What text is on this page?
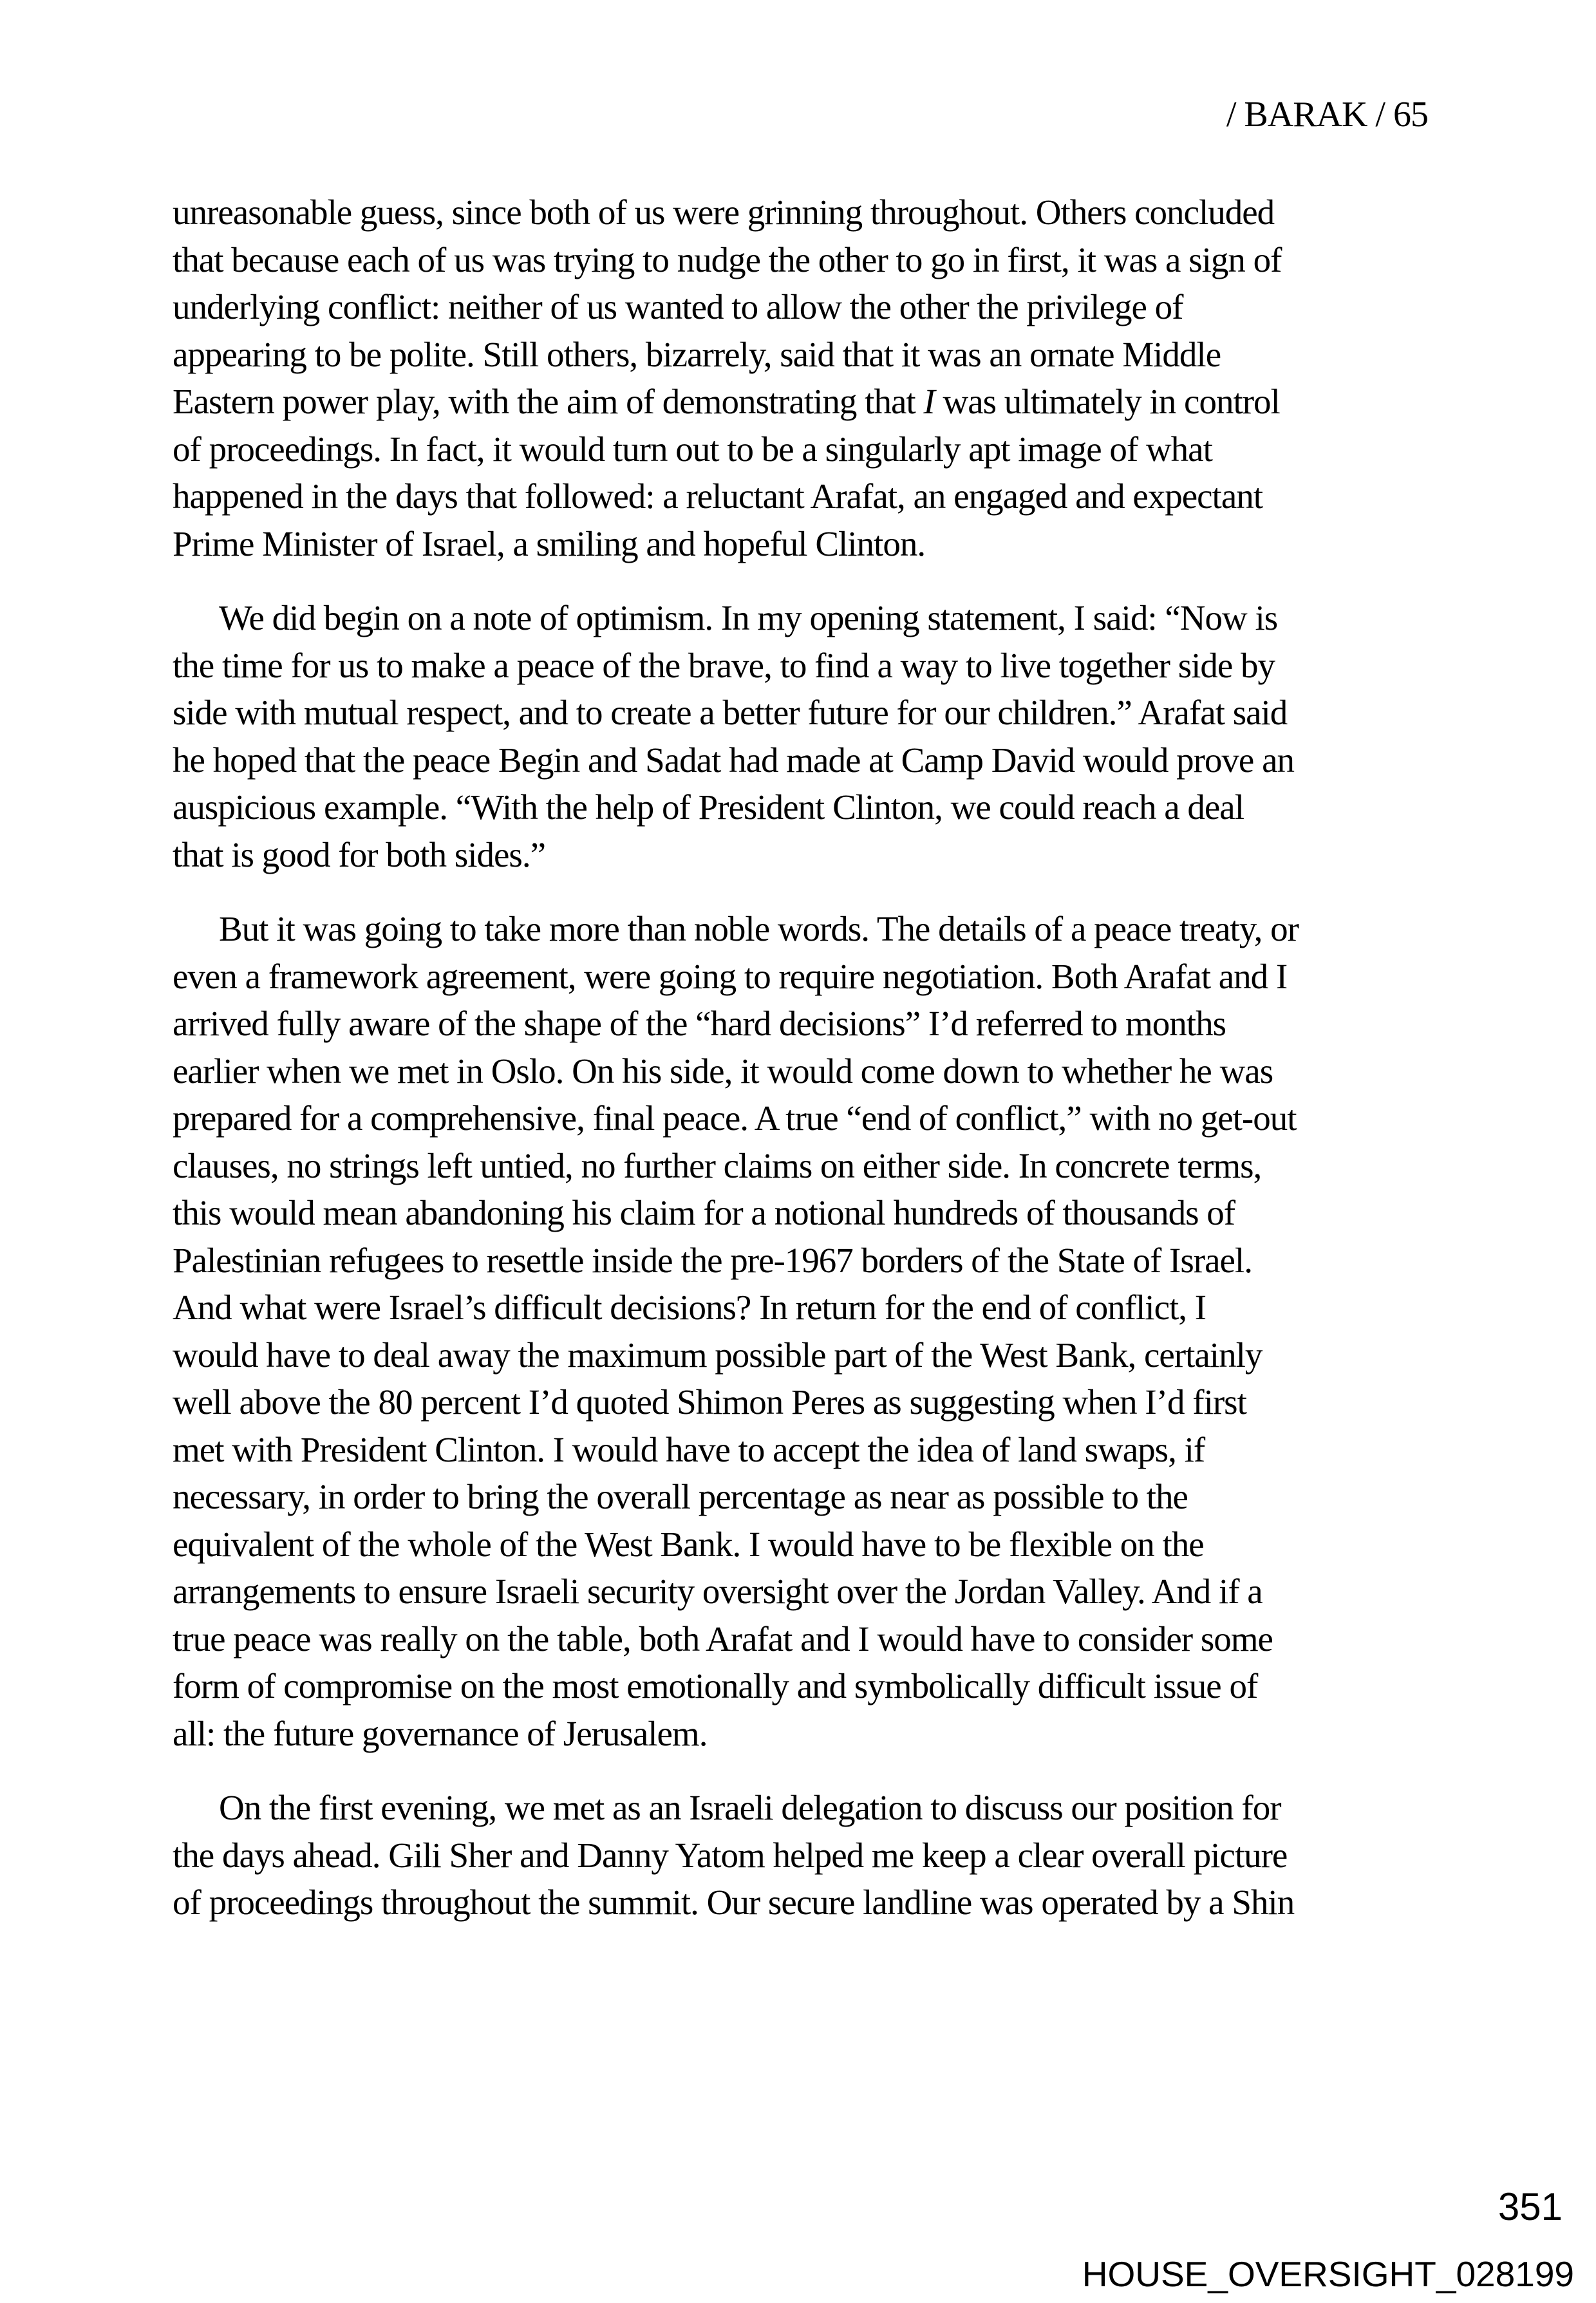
/ BARAK / 65
unreasonable guess, since both of us were grinning throughout. Others concluded
that because each of us was trying to nudge the other to go in first, it was a sign of
underlying conflict: neither of us wanted to allow the other the privilege of
appearing to be polite. Still others, bizarrely, said that it was an ornate Middle
Eastern power play, with the aim of demonstrating that I was ultimately in control
of proceedings. In fact, it would turn out to be a singularly apt image of what
happened in the days that followed: a reluctant Arafat, an engaged and expectant
Prime Minister of Israel, a smiling and hopeful Clinton.
We did begin on a note of optimism. In my opening statement, I said: “Now is
the time for us to make a peace of the brave, to find a way to live together side by
side with mutual respect, and to create a better future for our children.” Arafat said
he hoped that the peace Begin and Sadat had made at Camp David would prove an
auspicious example. “With the help of President Clinton, we could reach a deal
that is good for both sides.”
But it was going to take more than noble words. The details of a peace treaty, or
even a framework agreement, were going to require negotiation. Both Arafat and I
arrived fully aware of the shape of the “hard decisions” I’d referred to months
earlier when we met in Oslo. On his side, it would come down to whether he was
prepared for a comprehensive, final peace. A true “end of conflict,” with no get-out
clauses, no strings left untied, no further claims on either side. In concrete terms,
this would mean abandoning his claim for a notional hundreds of thousands of
Palestinian refugees to resettle inside the pre-1967 borders of the State of Israel.
And what were Israel’s difficult decisions? In return for the end of conflict, I
would have to deal away the maximum possible part of the West Bank, certainly
well above the 80 percent I’d quoted Shimon Peres as suggesting when I’d first
met with President Clinton. I would have to accept the idea of land swaps, if
necessary, in order to bring the overall percentage as near as possible to the
equivalent of the whole of the West Bank. I would have to be flexible on the
arrangements to ensure Israeli security oversight over the Jordan Valley. And if a
true peace was really on the table, both Arafat and I would have to consider some
form of compromise on the most emotionally and symbolically difficult issue of
all: the future governance of Jerusalem.
On the first evening, we met as an Israeli delegation to discuss our position for
the days ahead. Gili Sher and Danny Yatom helped me keep a clear overall picture
of proceedings throughout the summit. Our secure landline was operated by a Shin
351
HOUSE_OVERSIGHT_028199
